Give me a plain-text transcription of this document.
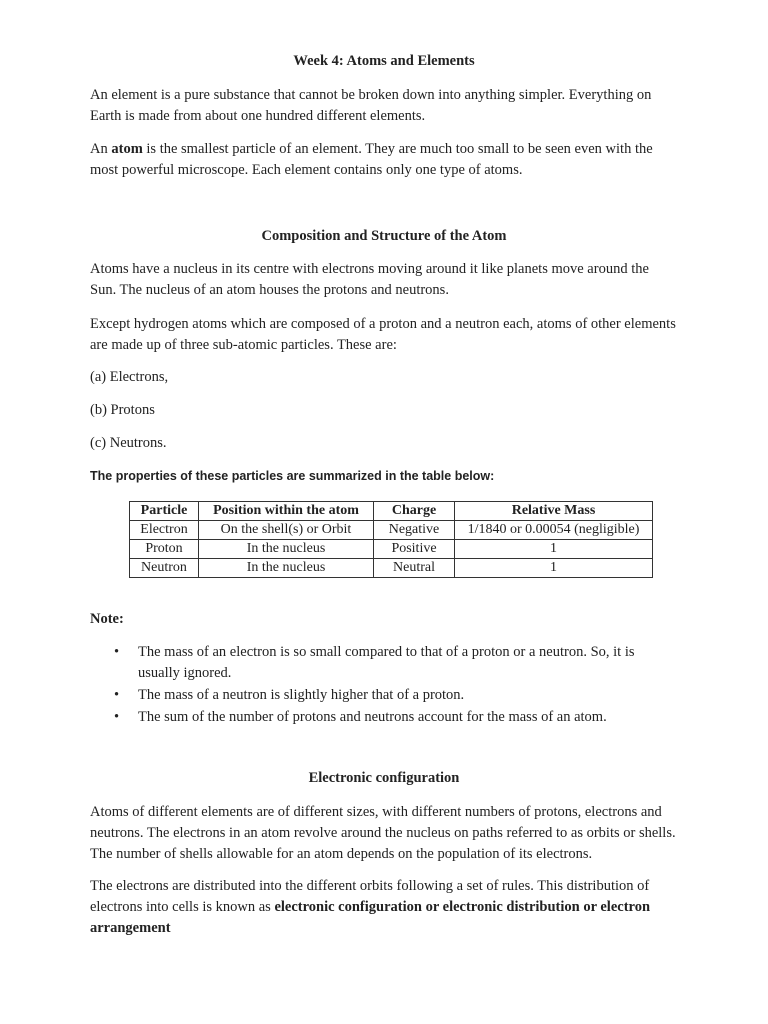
Week 4: Atoms and Elements

An element is a pure substance that cannot be broken down into anything simpler. Everything on Earth is made from about one hundred different elements.

An atom is the smallest particle of an element. They are much too small to be seen even with the most powerful microscope. Each element contains only one type of atoms.

Composition and Structure of the Atom

Atoms have a nucleus in its centre with electrons moving around it like planets move around the Sun. The nucleus of an atom houses the protons and neutrons.

Except hydrogen atoms which are composed of a proton and a neutron each, atoms of other elements are made up of three sub-atomic particles. These are:

(a) Electrons,

(b) Protons

(c) Neutrons.

The properties of these particles are summarized in the table below:

Particle	Position within the atom	Charge	Relative Mass
Electron	On the shell(s) or Orbit	Negative	1/1840 or 0.00054 (negligible)
Proton	In the nucleus	Positive	1
Neutron	In the nucleus	Neutral	1

Note:

• The mass of an electron is so small compared to that of a proton or a neutron. So, it is usually ignored.
• The mass of a neutron is slightly higher that of a proton.
• The sum of the number of protons and neutrons account for the mass of an atom.

Electronic configuration

Atoms of different elements are of different sizes, with different numbers of protons, electrons and neutrons. The electrons in an atom revolve around the nucleus on paths referred to as orbits or shells. The number of shells allowable for an atom depends on the population of its electrons.

The electrons are distributed into the different orbits following a set of rules. This distribution of electrons into cells is known as electronic configuration or electronic distribution or electron arrangement
